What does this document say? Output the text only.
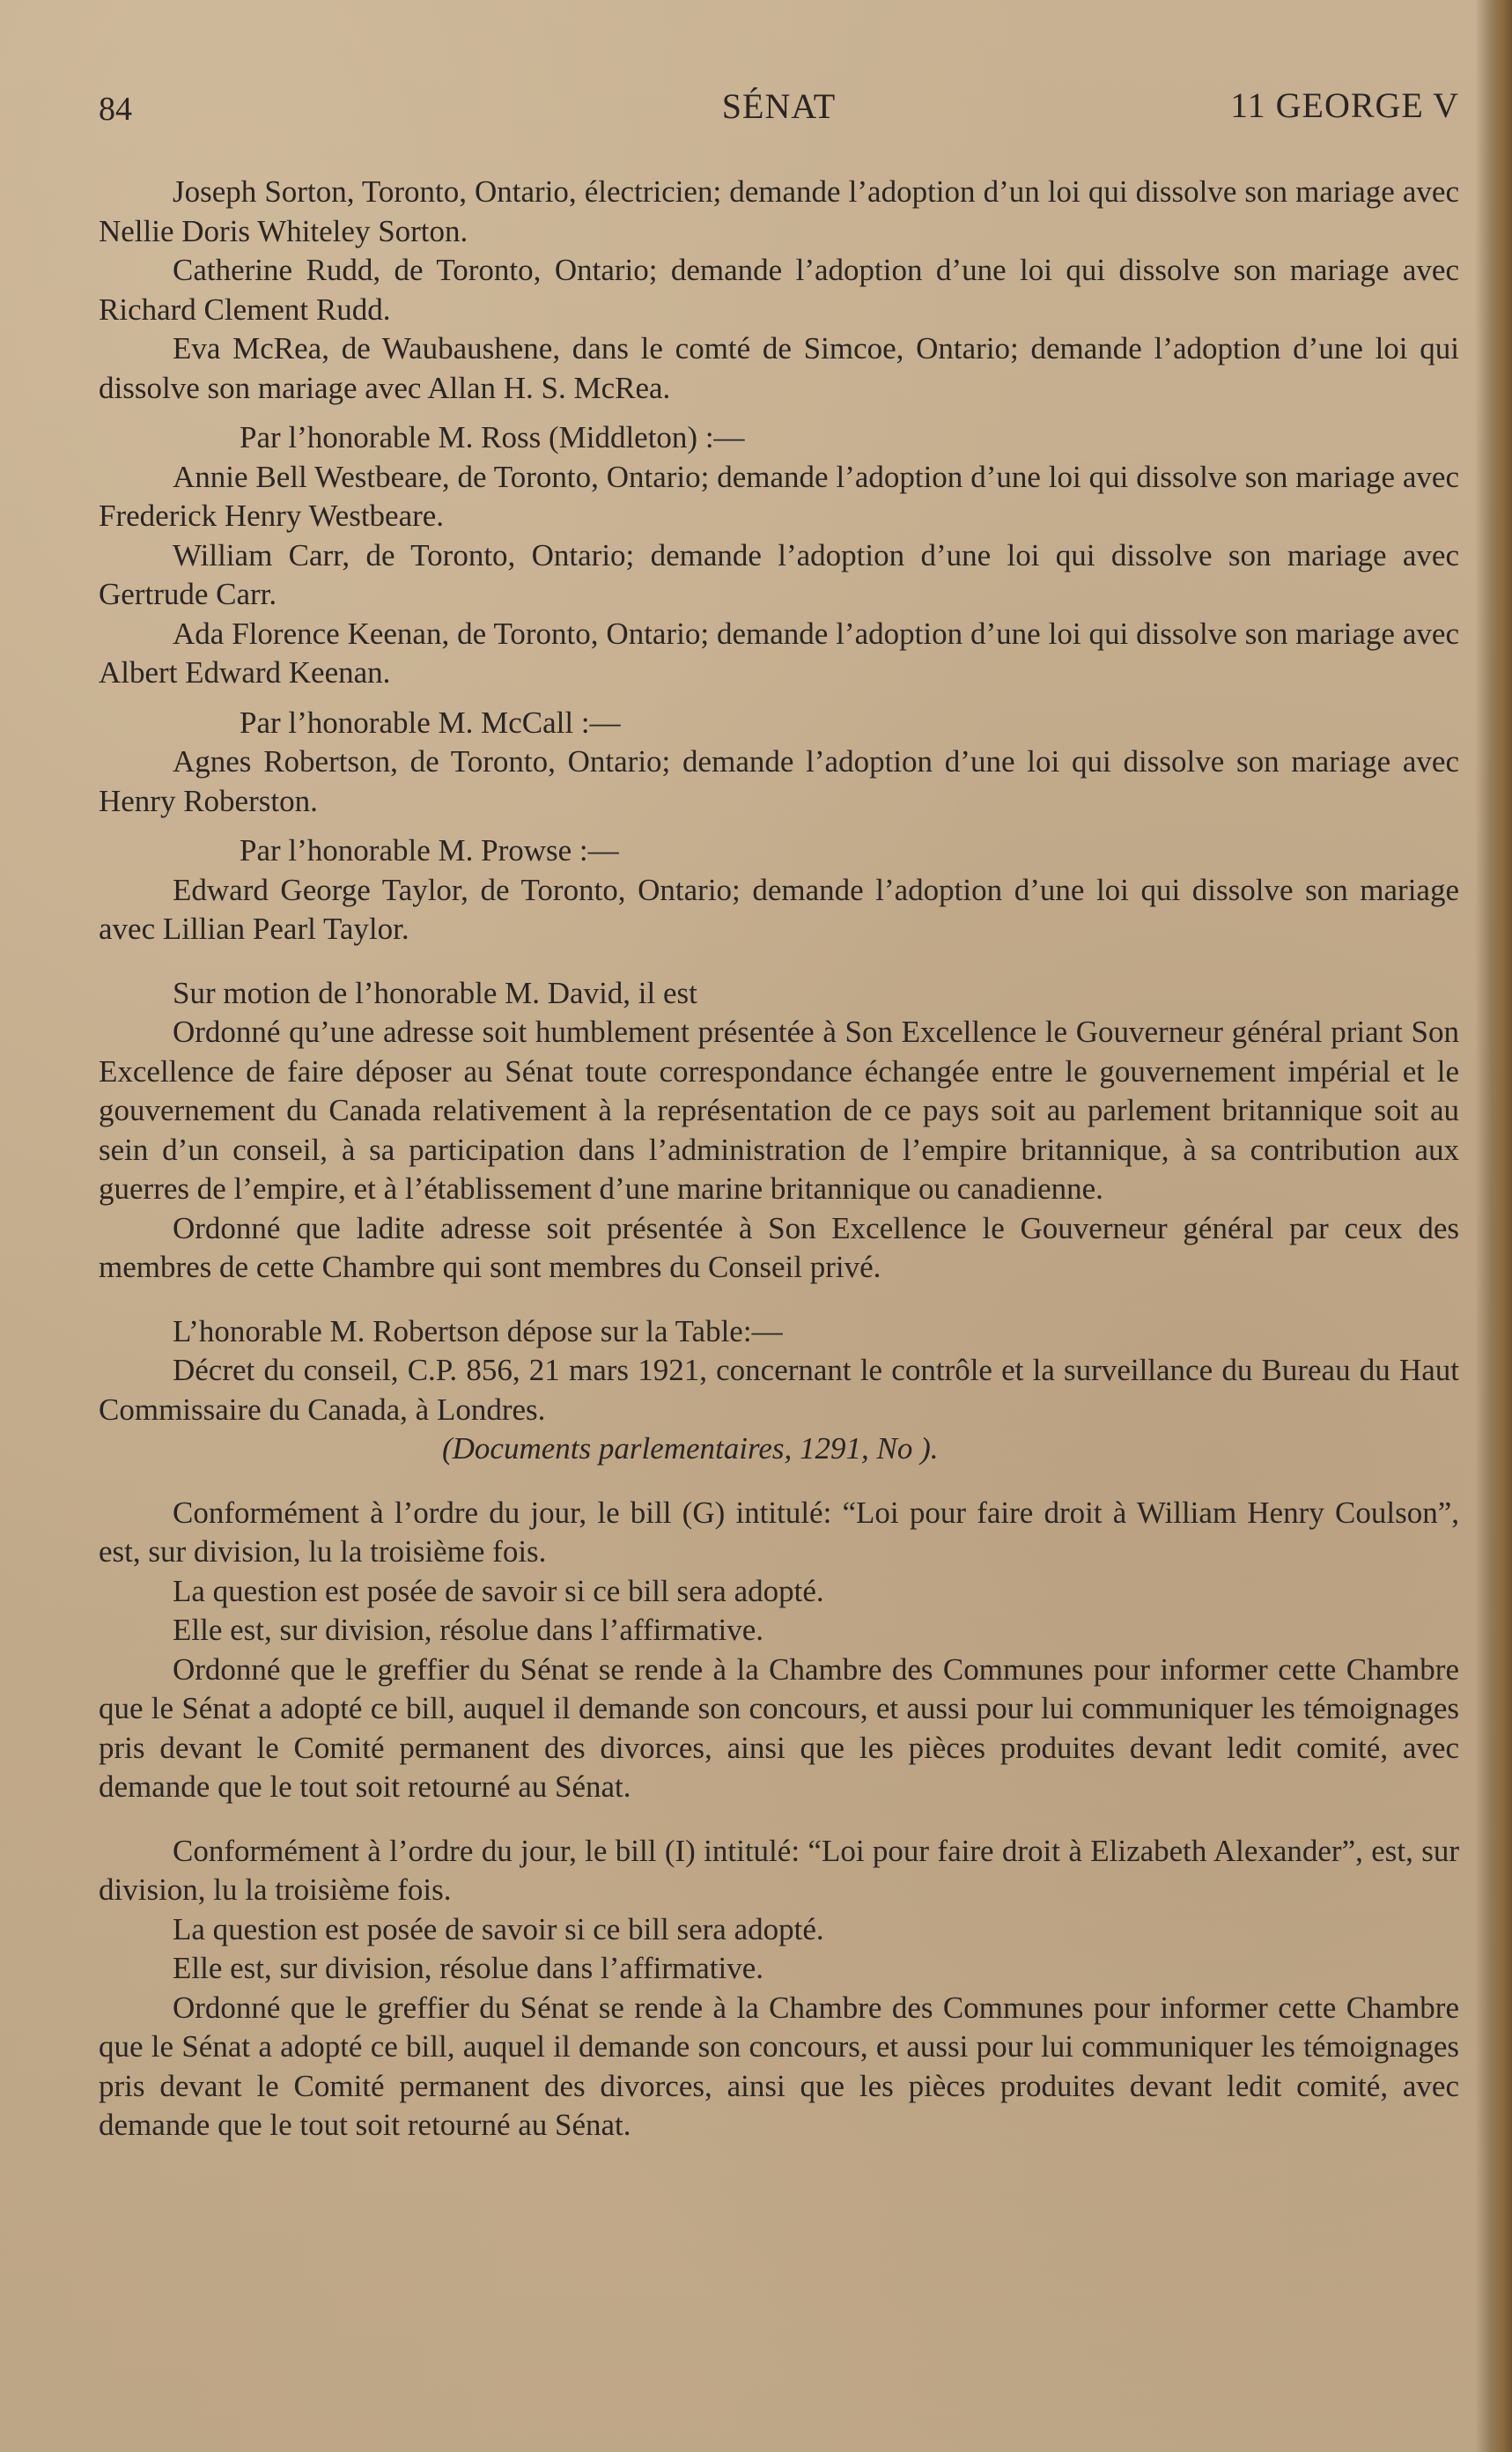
84	SÉNAT	11 GEORGE V

Joseph Sorton, Toronto, Ontario, électricien; demande l’adoption d’un loi qui dissolve son mariage avec Nellie Doris Whiteley Sorton.

Catherine Rudd, de Toronto, Ontario; demande l’adoption d’une loi qui dissolve son mariage avec Richard Clement Rudd.

Eva McRea, de Waubaushene, dans le comté de Simcoe, Ontario; demande l’adoption d’une loi qui dissolve son mariage avec Allan H. S. McRea.

Par l’honorable M. Ross (Middleton) :—

Annie Bell Westbeare, de Toronto, Ontario; demande l’adoption d’une loi qui dissolve son mariage avec Frederick Henry Westbeare.

William Carr, de Toronto, Ontario; demande l’adoption d’une loi qui dissolve son mariage avec Gertrude Carr.

Ada Florence Keenan, de Toronto, Ontario; demande l’adoption d’une loi qui dissolve son mariage avec Albert Edward Keenan.

Par l’honorable M. McCall :—

Agnes Robertson, de Toronto, Ontario; demande l’adoption d’une loi qui dissolve son mariage avec Henry Roberston.

Par l’honorable M. Prowse :—

Edward George Taylor, de Toronto, Ontario; demande l’adoption d’une loi qui dissolve son mariage avec Lillian Pearl Taylor.

Sur motion de l’honorable M. David, il est

Ordonné qu’une adresse soit humblement présentée à Son Excellence le Gouverneur général priant Son Excellence de faire déposer au Sénat toute correspondance échangée entre le gouvernement impérial et le gouvernement du Canada relativement à la représentation de ce pays soit au parlement britannique soit au sein d’un conseil, à sa participation dans l’administration de l’empire britannique, à sa contribution aux guerres de l’empire, et à l’établissement d’une marine britannique ou canadienne.

Ordonné que ladite adresse soit présentée à Son Excellence le Gouverneur général par ceux des membres de cette Chambre qui sont membres du Conseil privé.

L’honorable M. Robertson dépose sur la Table:—

Décret du conseil, C.P. 856, 21 mars 1921, concernant le contrôle et la surveillance du Bureau du Haut Commissaire du Canada, à Londres.

(Documents parlementaires, 1291, No ).

Conformément à l’ordre du jour, le bill (G) intitulé: “Loi pour faire droit à William Henry Coulson”, est, sur division, lu la troisième fois.

La question est posée de savoir si ce bill sera adopté.

Elle est, sur division, résolue dans l’affirmative.

Ordonné que le greffier du Sénat se rende à la Chambre des Communes pour informer cette Chambre que le Sénat a adopté ce bill, auquel il demande son concours, et aussi pour lui communiquer les témoignages pris devant le Comité permanent des divorces, ainsi que les pièces produites devant ledit comité, avec demande que le tout soit retourné au Sénat.

Conformément à l’ordre du jour, le bill (I) intitulé: “Loi pour faire droit à Elizabeth Alexander”, est, sur division, lu la troisième fois.

La question est posée de savoir si ce bill sera adopté.

Elle est, sur division, résolue dans l’affirmative.

Ordonné que le greffier du Sénat se rende à la Chambre des Communes pour informer cette Chambre que le Sénat a adopté ce bill, auquel il demande son concours, et aussi pour lui communiquer les témoignages pris devant le Comité permanent des divorces, ainsi que les pièces produites devant ledit comité, avec demande que le tout soit retourné au Sénat.
